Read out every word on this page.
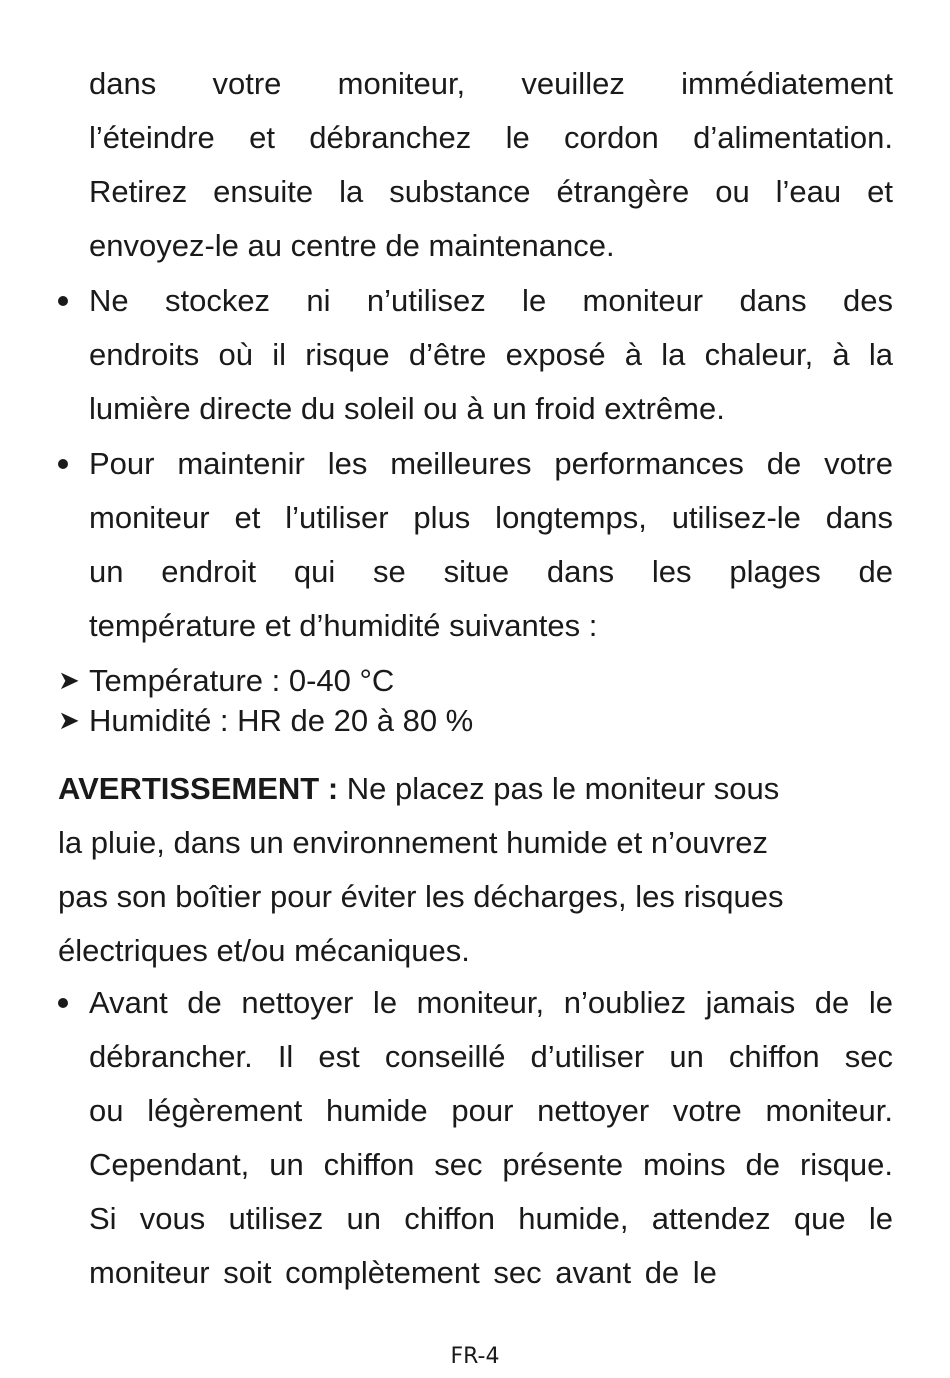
dans votre moniteur, veuillez immédiatement
l’éteindre et débranchez le cordon d’alimentation.
Retirez ensuite la substance étrangère ou l’eau et
envoyez-le au centre de maintenance.
Ne stockez ni n’utilisez le moniteur dans des
endroits où il risque d’être exposé à la chaleur, à la
lumière directe du soleil ou à un froid extrême.
Pour maintenir les meilleures performances de votre
moniteur et l’utiliser plus longtemps, utilisez-le dans
un endroit qui se situe dans les plages de
température et d’humidité suivantes :
➤ Température : 0-40 °C
➤ Humidité : HR de 20 à 80 %
AVERTISSEMENT : Ne placez pas le moniteur sous
la pluie, dans un environnement humide et n’ouvrez
pas son boîtier pour éviter les décharges, les risques
électriques et/ou mécaniques.
Avant de nettoyer le moniteur, n’oubliez jamais de le
débrancher. Il est conseillé d’utiliser un chiffon sec
ou légèrement humide pour nettoyer votre moniteur.
Cependant, un chiffon sec présente moins de risque.
Si vous utilisez un chiffon humide, attendez que le
moniteur soit complètement sec avant de le
FR-4
